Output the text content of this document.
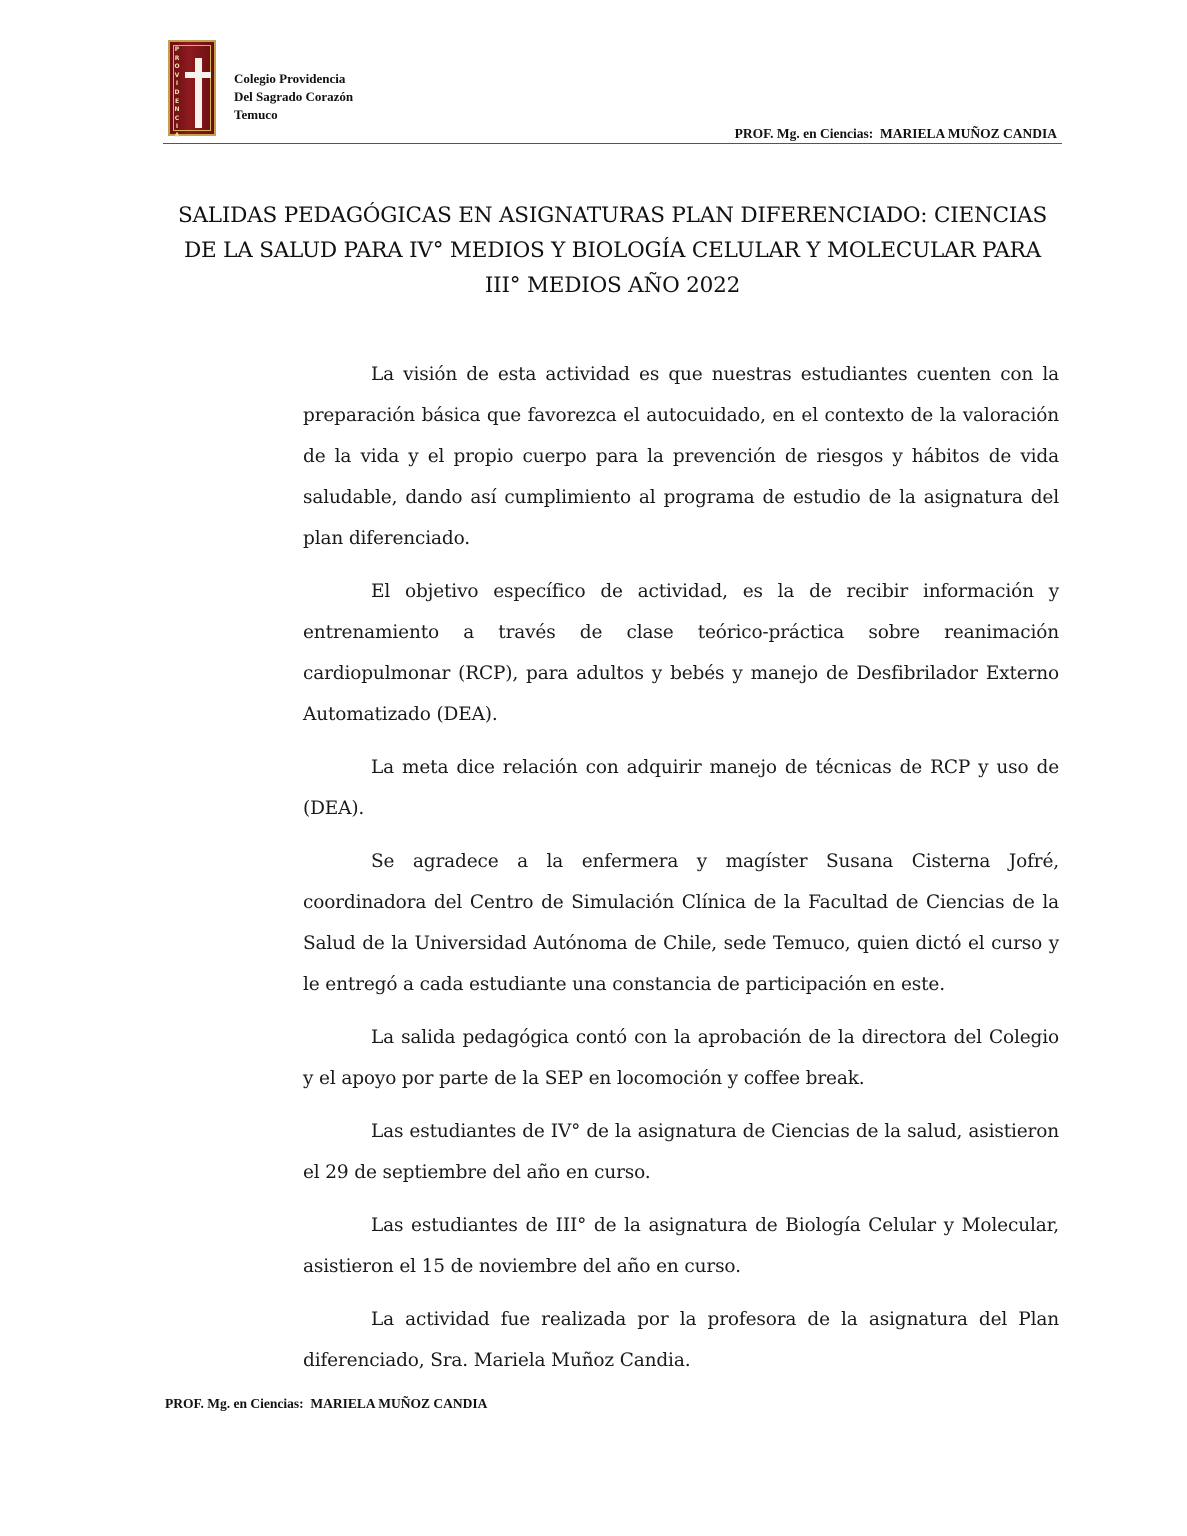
P
R
O
V
I
D
E
N
C
I
A
Colegio Providencia
Del Sagrado Corazón
Temuco
PROF. Mg. en Ciencias:  MARIELA MUÑOZ CANDIA
SALIDAS PEDAGÓGICAS EN ASIGNATURAS PLAN DIFERENCIADO: CIENCIAS
DE LA SALUD PARA IV° MEDIOS Y BIOLOGÍA CELULAR Y MOLECULAR PARA
III° MEDIOS AÑO 2022

La visión de esta actividad es que nuestras estudiantes cuenten con la preparación básica que favorezca el autocuidado, en el contexto de la valoración de la vida y el propio cuerpo para la prevención de riesgos y hábitos de vida saludable, dando así cumplimiento al programa de estudio de la asignatura del plan diferenciado.

El objetivo específico de actividad, es la de recibir información y entrenamiento a través de clase teórico-práctica sobre reanimación cardiopulmonar (RCP), para adultos y bebés y manejo de Desfibrilador Externo Automatizado (DEA).

La meta dice relación con adquirir manejo de técnicas de RCP y uso de (DEA).

Se agradece a la enfermera y magíster Susana Cisterna Jofré, coordinadora del Centro de Simulación Clínica de la Facultad de Ciencias de la Salud de la Universidad Autónoma de Chile, sede Temuco, quien dictó el curso y le entregó a cada estudiante una constancia de participación en este.

La salida pedagógica contó con la aprobación de la directora del Colegio y el apoyo por parte de la SEP en locomoción y coffee break.

Las estudiantes de IV° de la asignatura de Ciencias de la salud, asistieron el 29 de septiembre del año en curso.

Las estudiantes de III° de la asignatura de Biología Celular y Molecular, asistieron el 15 de noviembre del año en curso.

La actividad fue realizada por la profesora de la asignatura del Plan diferenciado, Sra. Mariela Muñoz Candia.

PROF. Mg. en Ciencias:  MARIELA MUÑOZ CANDIA
